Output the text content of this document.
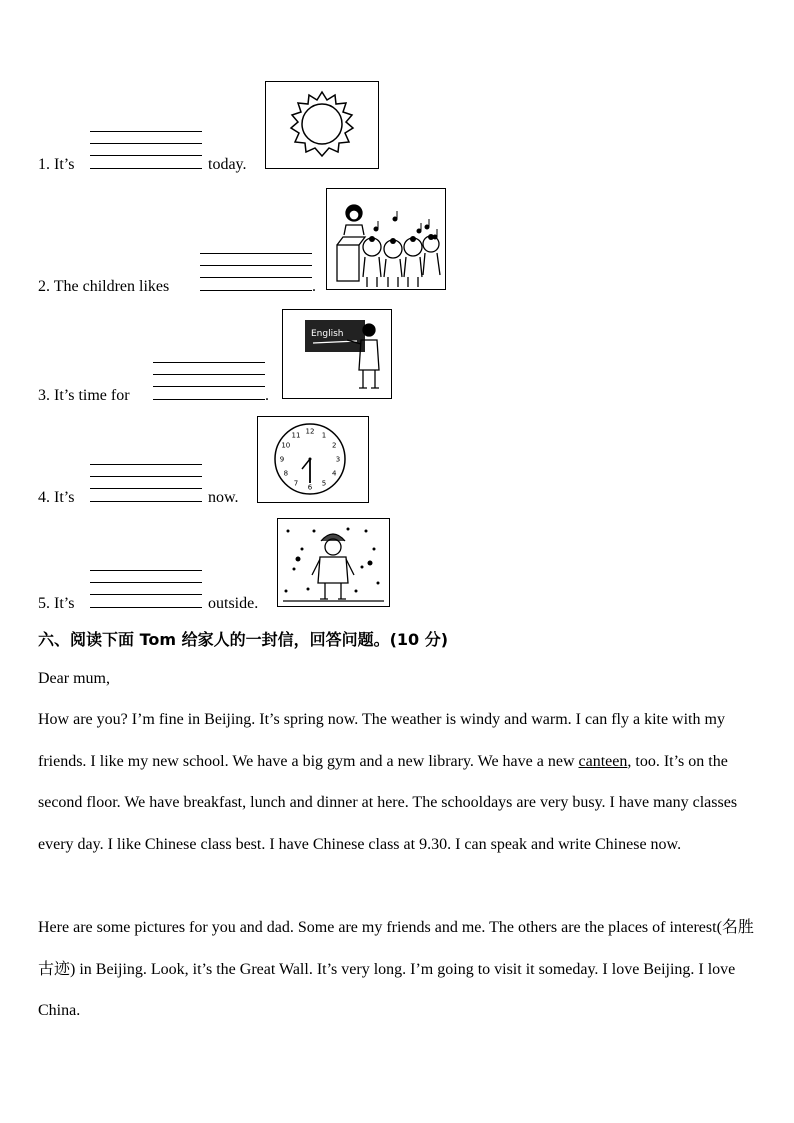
1. It’s	today.
2. The children likes	.
3. It’s time for	.
English
4. It’s	now.
12 1
2
3
4
5
6
7
8
9
10
11
5. It’s	outside.
六、阅读下面 Tom 给家人的一封信，回答问题。(10 分)
Dear mum,
How are you? I’m fine in Beijing. It’s spring now. The weather is windy and warm. I can fly a kite with my friends. I like my new school. We have a big gym and a new library. We have a new canteen, too. It’s on the second floor. We have breakfast, lunch and dinner at here. The schooldays are very busy. I have many classes every day. I like Chinese class best. I have Chinese class at 9.30. I can speak and write Chinese now.
Here are some pictures for you and dad. Some are my friends and me. The others are the places of interest(名胜古迹) in Beijing. Look, it’s the Great Wall. It’s very long. I’m going to visit it someday. I love Beijing. I love China.
